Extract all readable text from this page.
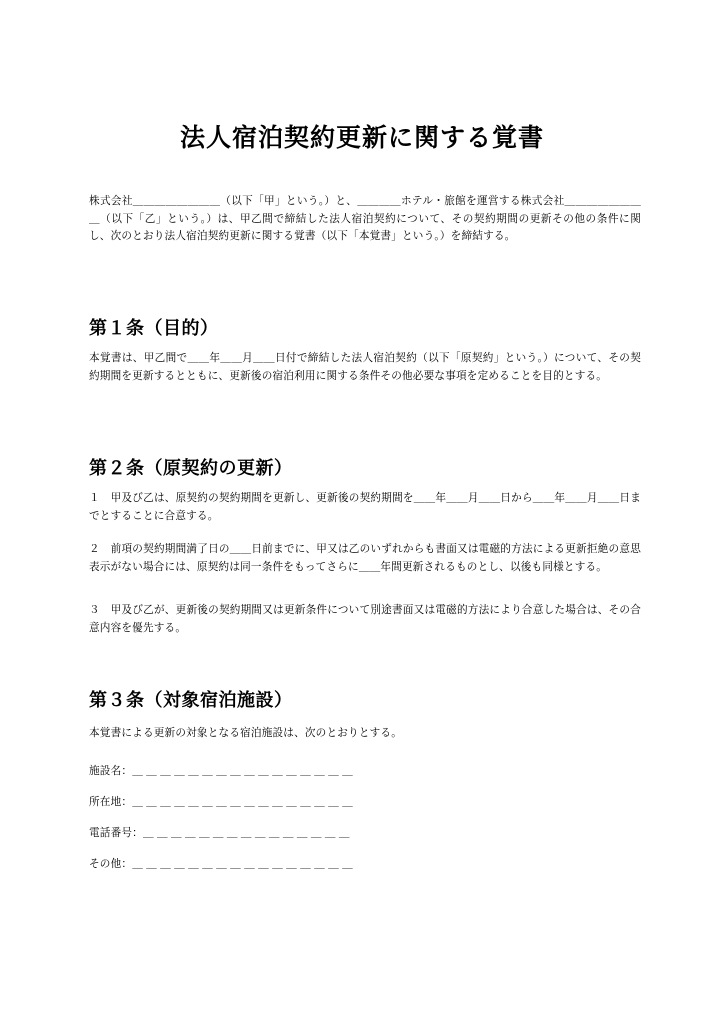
法人宿泊契約更新に関する覚書

株式会社＿＿＿＿＿＿＿＿（以下「甲」という。）と、＿＿＿＿ホテル・旅館を運営する株式会社＿＿＿＿＿＿＿＿（以下「乙」という。）は、甲乙間で締結した法人宿泊契約について、その契約期間の更新その他の条件に関し、次のとおり法人宿泊契約更新に関する覚書（以下「本覚書」という。）を締結する。

第１条（目的）

本覚書は、甲乙間で＿＿年＿＿月＿＿日付で締結した法人宿泊契約（以下「原契約」という。）について、その契約期間を更新するとともに、更新後の宿泊利用に関する条件その他必要な事項を定めることを目的とする。

第２条（原契約の更新）

１　甲及び乙は、原契約の契約期間を更新し、更新後の契約期間を＿＿年＿＿月＿＿日から＿＿年＿＿月＿＿日までとすることに合意する。

２　前項の契約期間満了日の＿＿日前までに、甲又は乙のいずれからも書面又は電磁的方法による更新拒絶の意思表示がない場合には、原契約は同一条件をもってさらに＿＿年間更新されるものとし、以後も同様とする。

３　甲及び乙が、更新後の契約期間又は更新条件について別途書面又は電磁的方法により合意した場合は、その合意内容を優先する。

第３条（対象宿泊施設）

本覚書による更新の対象となる宿泊施設は、次のとおりとする。

施設名：＿＿＿＿＿＿＿＿＿＿＿＿＿＿＿＿
所在地：＿＿＿＿＿＿＿＿＿＿＿＿＿＿＿＿
電話番号：＿＿＿＿＿＿＿＿＿＿＿＿＿＿＿
その他：＿＿＿＿＿＿＿＿＿＿＿＿＿＿＿＿
